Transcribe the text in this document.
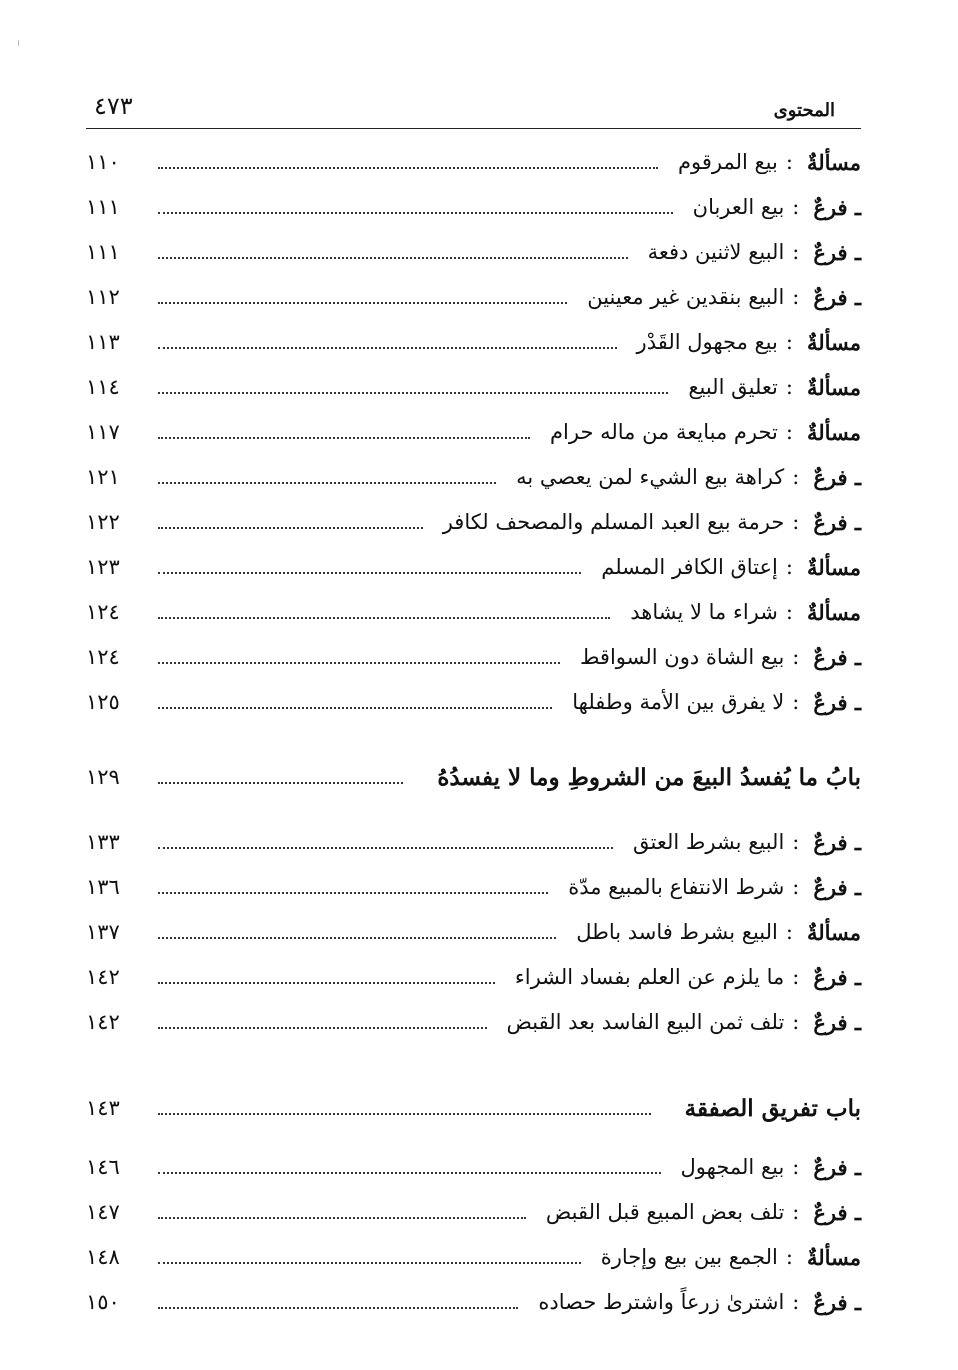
المحتوى
٤٧٣
مسألةٌ
:
بيع المرقوم
١١٠
ـ فرعٌ
:
بيع العربان
١١١
ـ فرعٌ
:
البيع لاثنين دفعة
١١١
ـ فرعٌ
:
البيع بنقدين غير معينين
١١٢
مسألةٌ
:
بيع مجهول القَدْر
١١٣
مسألةٌ
:
تعليق البيع
١١٤
مسألةٌ
:
تحرم مبايعة من ماله حرام
١١٧
ـ فرعٌ
:
كراهة بيع الشيء لمن يعصي به
١٢١
ـ فرعٌ
:
حرمة بيع العبد المسلم والمصحف لكافر
١٢٢
مسألةٌ
:
إعتاق الكافر المسلم
١٢٣
مسألةٌ
:
شراء ما لا يشاهد
١٢٤
ـ فرعٌ
:
بيع الشاة دون السواقط
١٢٤
ـ فرعٌ
:
لا يفرق بين الأمة وطفلها
١٢٥
بابُ ما يُفسدُ البيعَ من الشروطِ وما لا يفسدُهُ
١٢٩
ـ فرعٌ
:
البيع بشرط العتق
١٣٣
ـ فرعٌ
:
شرط الانتفاع بالمبيع مدّة
١٣٦
مسألةٌ
:
البيع بشرط فاسد باطل
١٣٧
ـ فرعٌ
:
ما يلزم عن العلم بفساد الشراء
١٤٢
ـ فرعٌ
:
تلف ثمن البيع الفاسد بعد القبض
١٤٢
باب تفريق الصفقة
١٤٣
ـ فرعٌ
:
بيع المجهول
١٤٦
ـ فرعٌ
:
تلف بعض المبيع قبل القبض
١٤٧
مسألةٌ
:
الجمع بين بيع وإجارة
١٤٨
ـ فرعٌ
:
اشترىٰ زرعاً واشترط حصاده
١٥٠
